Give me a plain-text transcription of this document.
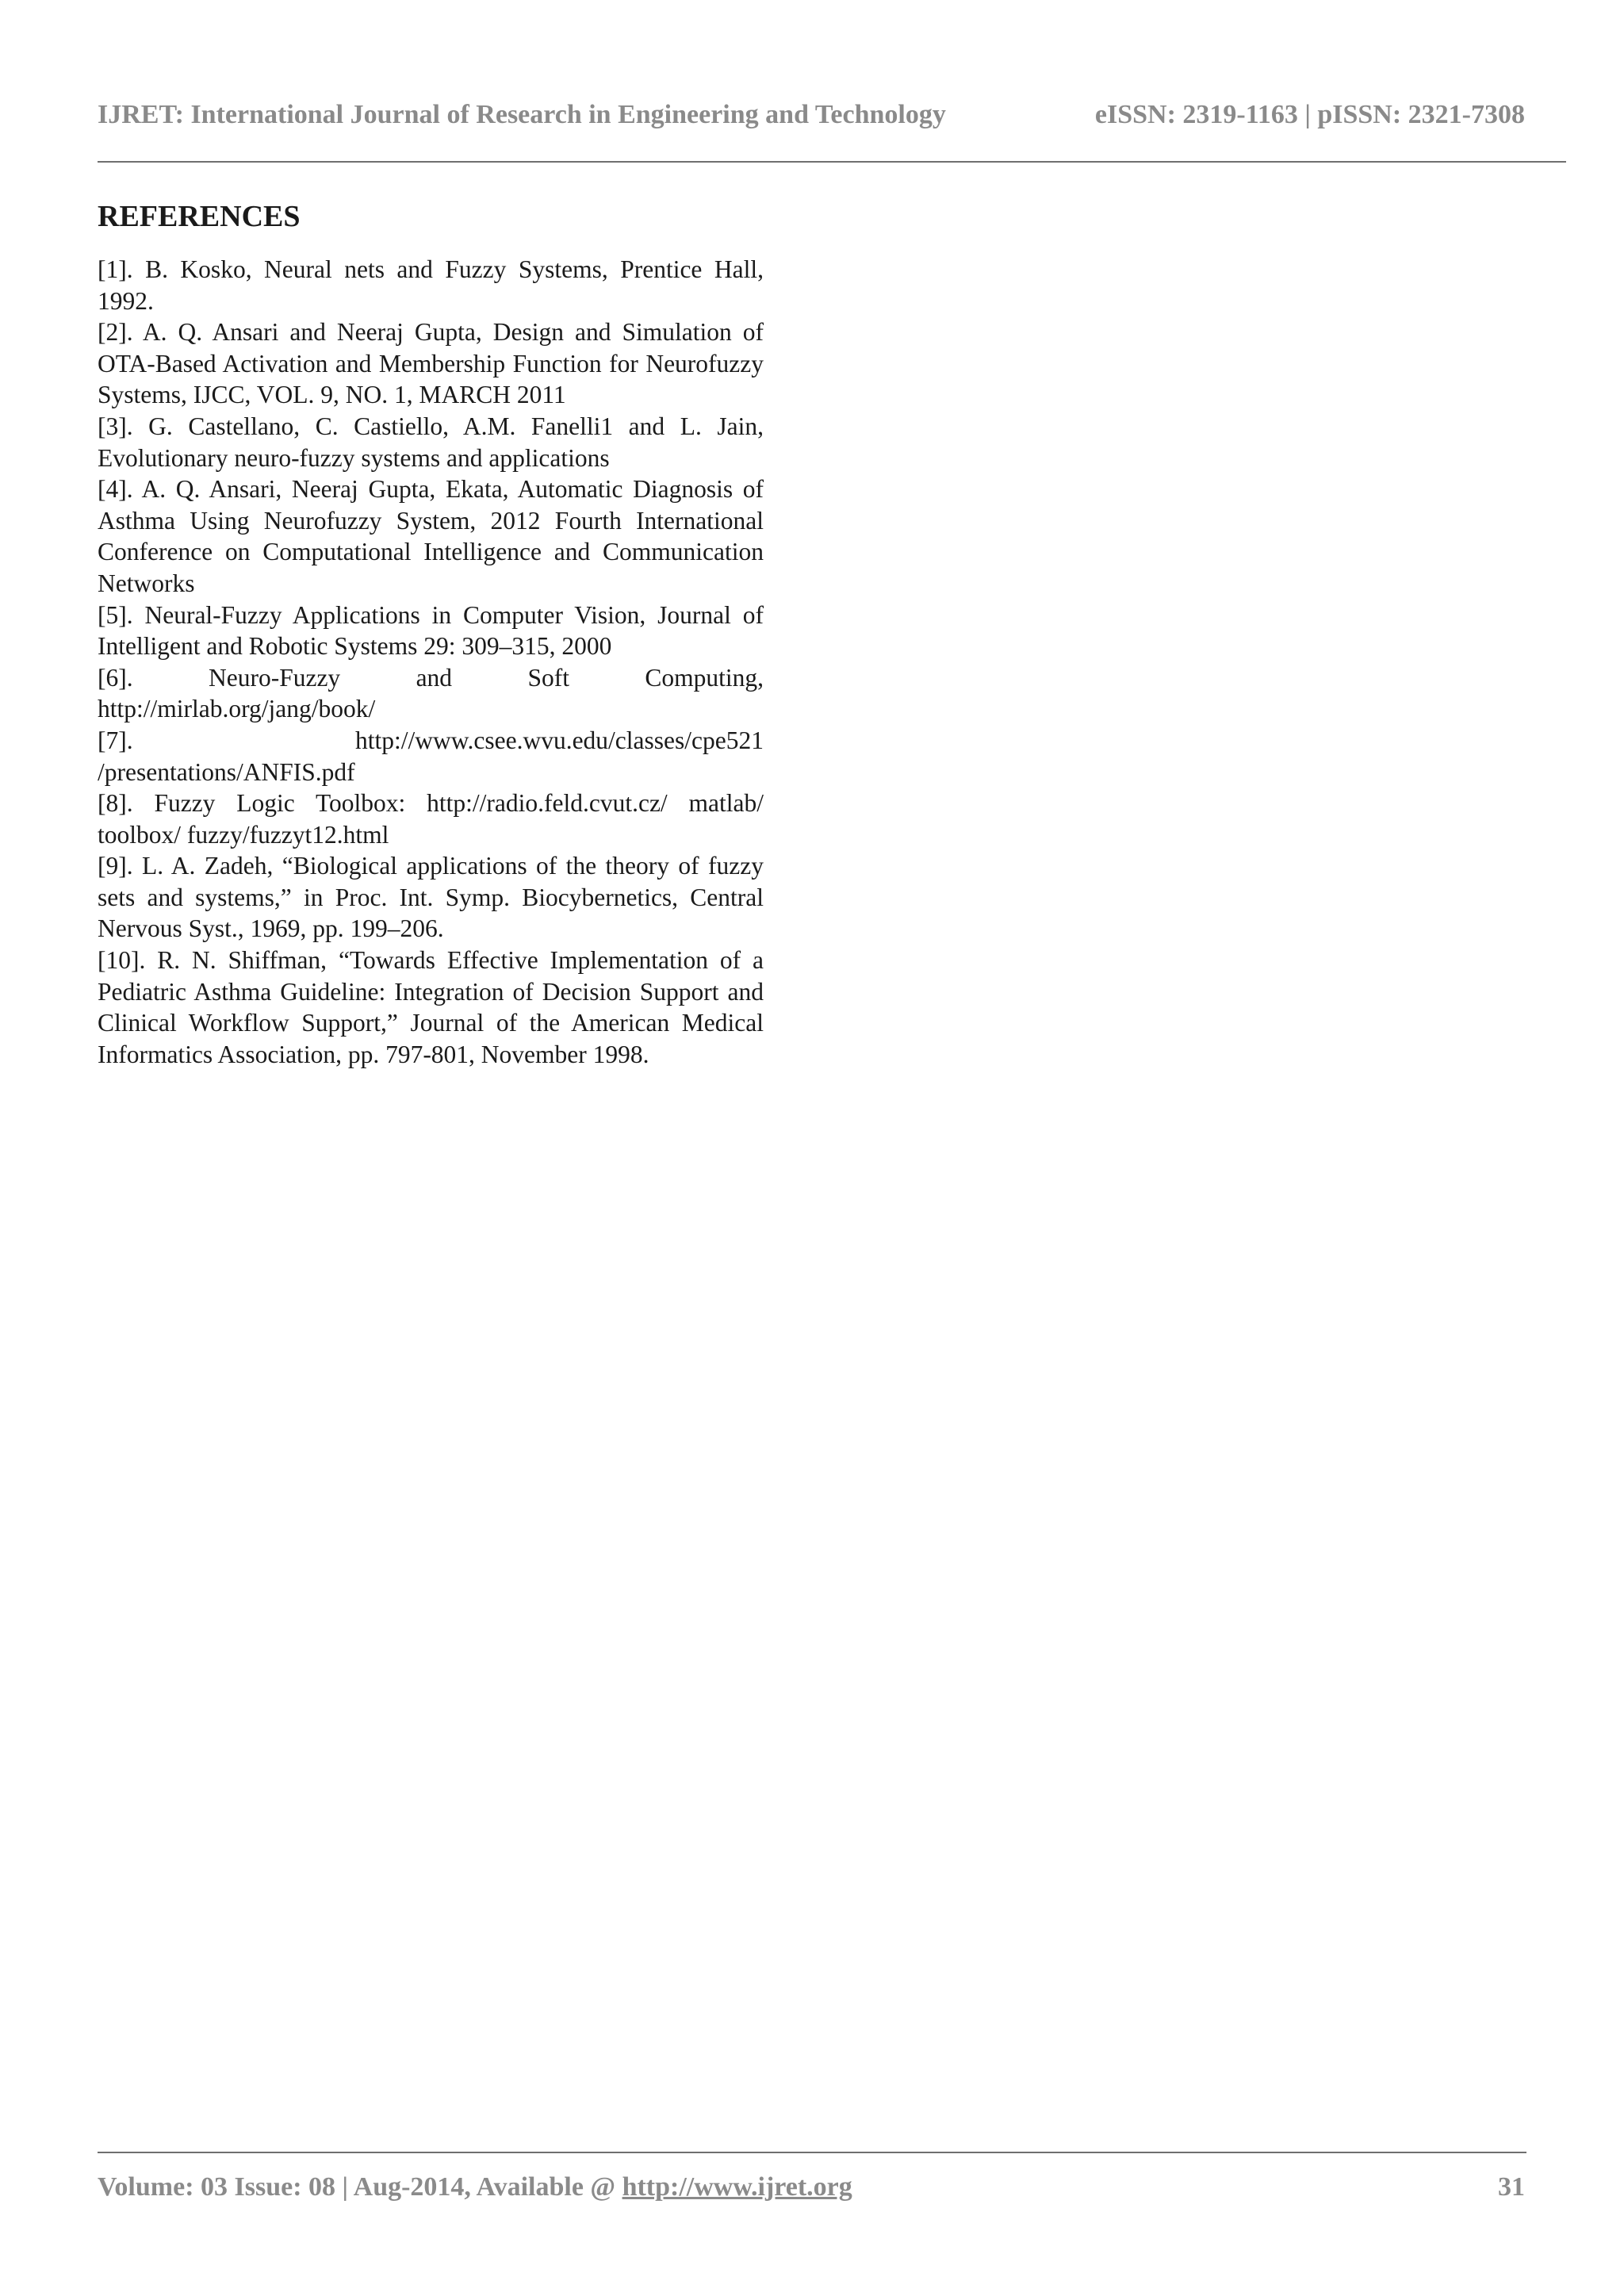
IJRET: International Journal of Research in Engineering and Technology	eISSN: 2319-1163 | pISSN: 2321-7308
REFERENCES
[1]. B. Kosko, Neural nets and Fuzzy Systems, Prentice Hall, 1992.
[2]. A. Q. Ansari and Neeraj Gupta, Design and Simulation of OTA-Based Activation and Membership Function for Neurofuzzy Systems, IJCC, VOL. 9, NO. 1, MARCH 2011
[3]. G. Castellano, C. Castiello, A.M. Fanelli1 and L. Jain, Evolutionary neuro-fuzzy systems and applications
[4]. A. Q. Ansari, Neeraj Gupta, Ekata, Automatic Diagnosis of Asthma Using Neurofuzzy System, 2012 Fourth International Conference on Computational Intelligence and Communication Networks
[5]. Neural-Fuzzy Applications in Computer Vision, Journal of Intelligent and Robotic Systems 29: 309–315, 2000
[6]. Neuro-Fuzzy and Soft Computing, http://mirlab.org/jang/book/
[7]. http://www.csee.wvu.edu/classes/cpe521 /presentations/ANFIS.pdf
[8]. Fuzzy Logic Toolbox: http://radio.feld.cvut.cz/ matlab/ toolbox/ fuzzy/fuzzyt12.html
[9]. L. A. Zadeh, “Biological applications of the theory of fuzzy sets and systems,” in Proc. Int. Symp. Biocybernetics, Central Nervous Syst., 1969, pp. 199–206.
[10]. R. N. Shiffman, “Towards Effective Implementation of a Pediatric Asthma Guideline: Integration of Decision Support and Clinical Workflow Support,” Journal of the American Medical Informatics Association, pp. 797-801, November 1998.
Volume: 03 Issue: 08 | Aug-2014, Available @ http://www.ijret.org	31
